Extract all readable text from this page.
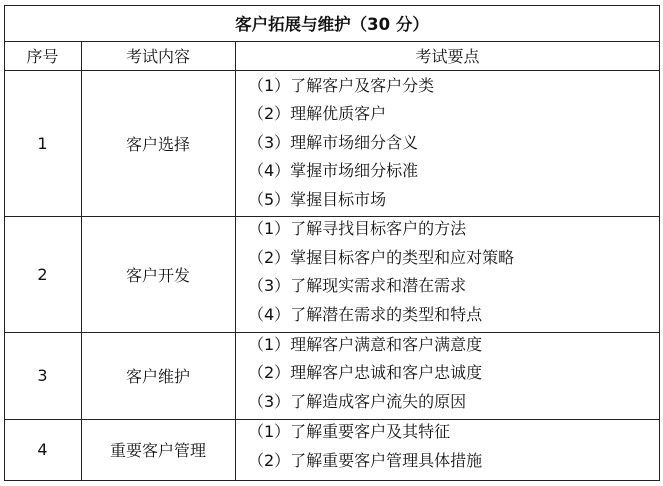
客户拓展与维护（30 分）
序号	考试内容	考试要点
1	客户选择
（1）了解客户及客户分类
（2）理解优质客户
（3）理解市场细分含义
（4）掌握市场细分标准
（5）掌握目标市场
2	客户开发
（1）了解寻找目标客户的方法
（2）掌握目标客户的类型和应对策略
（3）了解现实需求和潜在需求
（4）了解潜在需求的类型和特点
3	客户维护
（1）理解客户满意和客户满意度
（2）理解客户忠诚和客户忠诚度
（3）了解造成客户流失的原因
4	重要客户管理
（1）了解重要客户及其特征
（2）了解重要客户管理具体措施
